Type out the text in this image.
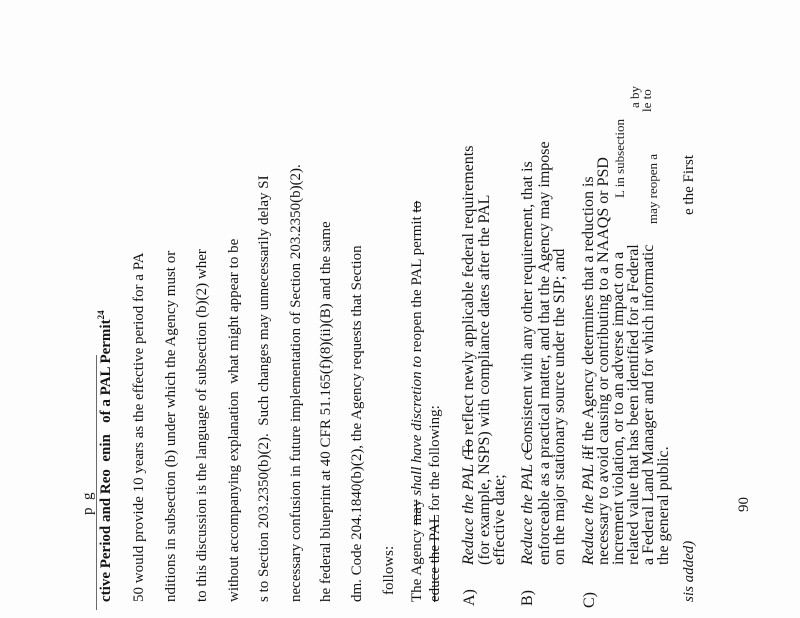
p  g ctive Period and Reo  enin   of a PAL Permit$^{24}$	50 would provide 10 years as the effective period for a PA nditions in subsection (b) under which the Agency must or to this discussion is the language of subsection (b)(2) wher without accompanying explanation  what might appear to be s to Section 203.2350(b)(2).  Such changes may unnecessarily delay SI necessary confusion in future implementation of Section 203.2350(b)(2). he federal blueprint at 40 CFR 51.165(f)(8)(ii)(B) and the same dm. Code 204.1840(b)(2), the Agency requests that Section follows: The Agency may shall have discretion to reopen the PAL permit to
educe the PAL for the following:
A)
Reduce the PAL tTo reflect newly applicable federal requirements (for example, NSPS) with compliance dates after the PAL
effective date;
B)
Reduce the PAL cConsistent with any other requirement, that is enforceable as a practical matter, and that the Agency may impose
on the major stationary source under the SIP; and
C)
Reduce the PAL iIf the Agency determines that a reduction is
necessary to avoid causing or contributing to a NAAQS or PSD
increment violation, or to an adverse impact on a
L in subsection
related value that has been identified for a Federal
a by
a Federal Land Manager and for which informatic
may reopen a
le to
the general public.
sis added)
e the First
90
